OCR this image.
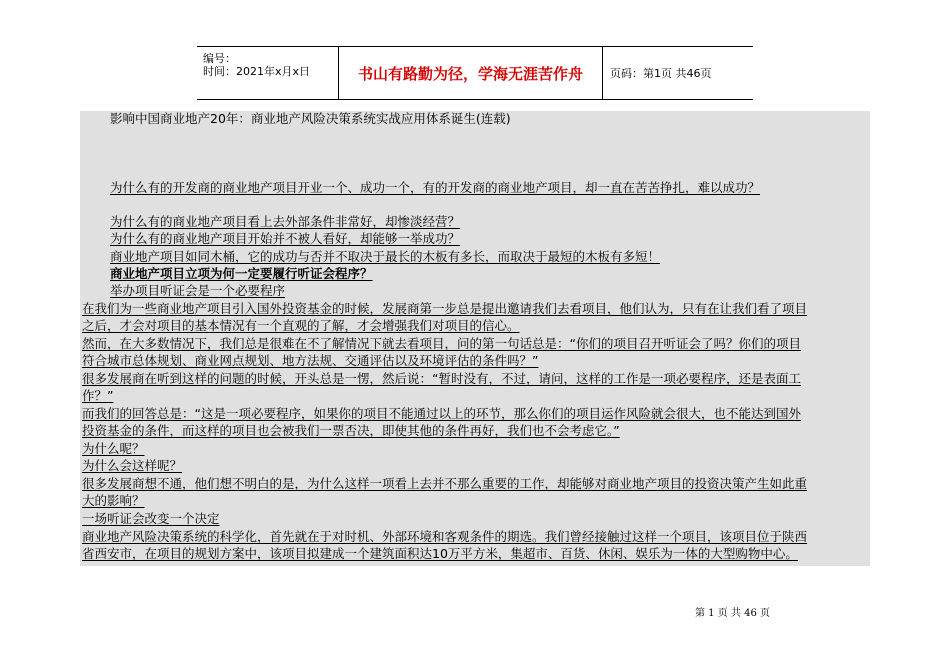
编号：
时间：2021年x月x日	书山有路勤为径，学海无涯苦作舟	页码：第1页 共46页
影响中国商业地产20年：商业地产风险决策系统实战应用体系诞生(连载)
为什么有的开发商的商业地产项目开业一个、成功一个，有的开发商的商业地产项目，却一直在苦苦挣扎，难以成功？
为什么有的商业地产项目看上去外部条件非常好，却惨淡经营？
为什么有的商业地产项目开始并不被人看好，却能够一举成功？
商业地产项目如同木桶，它的成功与否并不取决于最长的木板有多长，而取决于最短的木板有多短！
商业地产项目立项为何一定要履行听证会程序？
举办项目听证会是一个必要程序
在我们为一些商业地产项目引入国外投资基金的时候，发展商第一步总是提出邀请我们去看项目，他们认为，只有在让我们看了项目
之后，才会对项目的基本情况有一个直观的了解，才会增强我们对项目的信心。
然而，在大多数情况下，我们总是很难在不了解情况下就去看项目，问的第一句话总是：“你们的项目召开听证会了吗？你们的项目
符合城市总体规划、商业网点规划、地方法规、交通评估以及环境评估的条件吗？”
很多发展商在听到这样的问题的时候，开头总是一愣，然后说：“暂时没有，不过，请问，这样的工作是一项必要程序，还是表面工
作？”
而我们的回答总是：“这是一项必要程序，如果你的项目不能通过以上的环节，那么你们的项目运作风险就会很大，也不能达到国外
投资基金的条件，而这样的项目也会被我们一票否决，即使其他的条件再好，我们也不会考虑它。”
为什么呢？
为什么会这样呢？
很多发展商想不通，他们想不明白的是，为什么这样一项看上去并不那么重要的工作，却能够对商业地产项目的投资决策产生如此重
大的影响？
一场听证会改变一个决定
商业地产风险决策系统的科学化，首先就在于对时机、外部环境和客观条件的期选。我们曾经接触过这样一个项目，该项目位于陕西
省西安市，在项目的规划方案中，该项目拟建成一个建筑面积达10万平方米，集超市、百货、休闲、娱乐为一体的大型购物中心。
第 1 页 共 46 页
